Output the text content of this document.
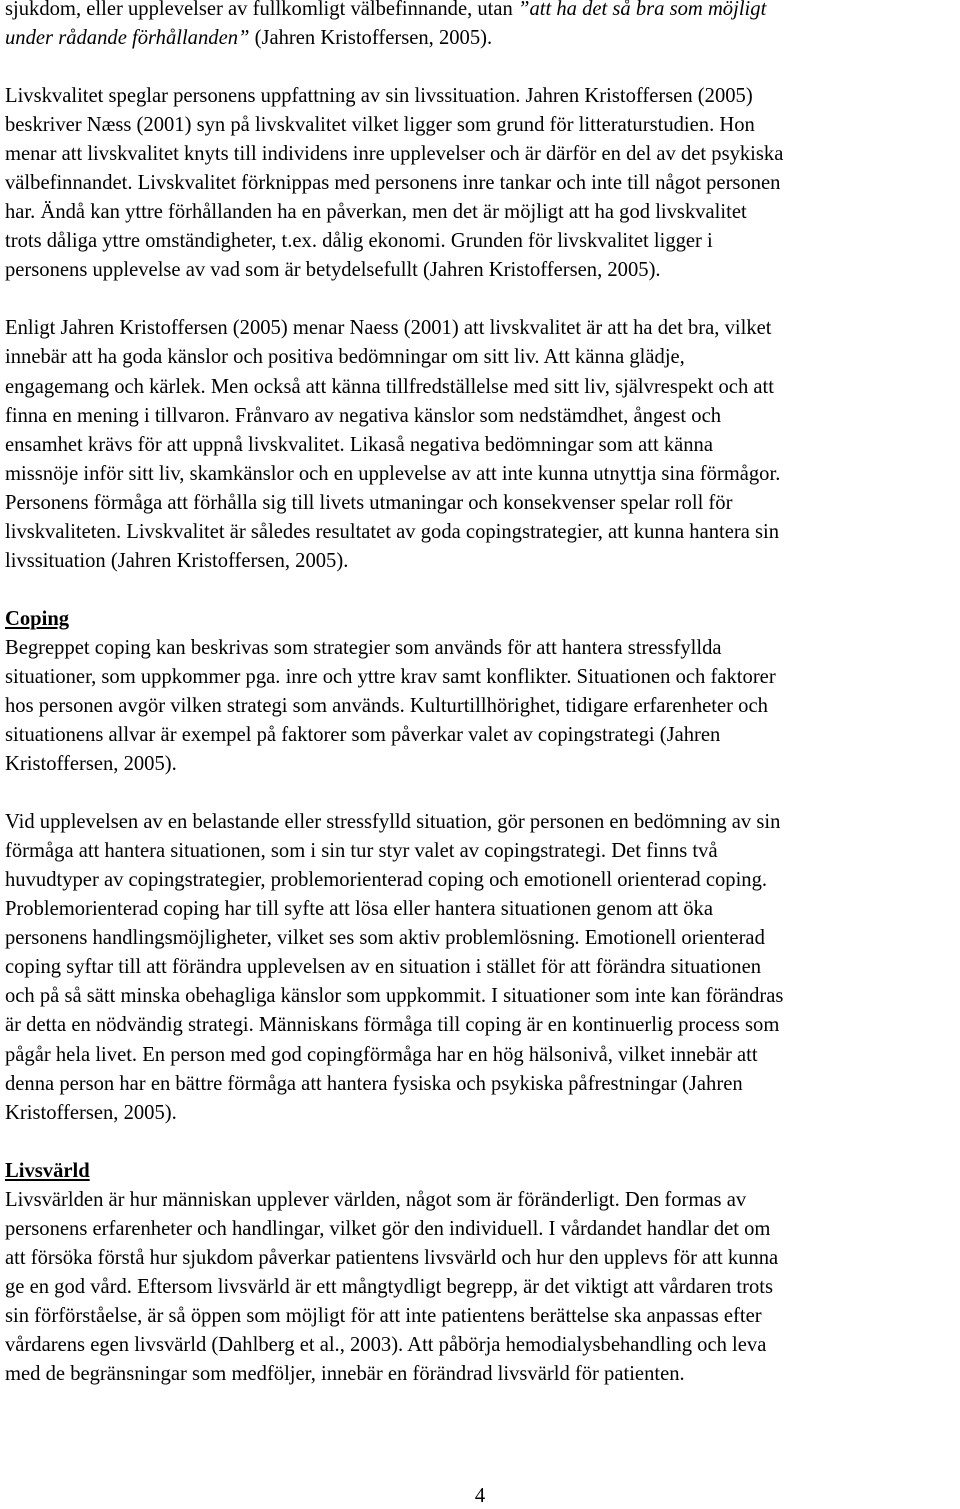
sjukdom, eller upplevelser av fullkomligt välbefinnande, utan ”att ha det så bra som möjligt
under rådande förhållanden” (Jahren Kristoffersen, 2005).

Livskvalitet speglar personens uppfattning av sin livssituation. Jahren Kristoffersen (2005)
beskriver Næss (2001) syn på livskvalitet vilket ligger som grund för litteraturstudien. Hon
menar att livskvalitet knyts till individens inre upplevelser och är därför en del av det psykiska
välbefinnandet. Livskvalitet förknippas med personens inre tankar och inte till något personen
har. Ändå kan yttre förhållanden ha en påverkan, men det är möjligt att ha god livskvalitet
trots dåliga yttre omständigheter, t.ex. dålig ekonomi. Grunden för livskvalitet ligger i
personens upplevelse av vad som är betydelsefullt (Jahren Kristoffersen, 2005).

Enligt Jahren Kristoffersen (2005) menar Naess (2001) att livskvalitet är att ha det bra, vilket
innebär att ha goda känslor och positiva bedömningar om sitt liv. Att känna glädje,
engagemang och kärlek. Men också att känna tillfredställelse med sitt liv, självrespekt och att
finna en mening i tillvaron. Frånvaro av negativa känslor som nedstämdhet, ångest och
ensamhet krävs för att uppnå livskvalitet. Likaså negativa bedömningar som att känna
missnöje inför sitt liv, skamkänslor och en upplevelse av att inte kunna utnyttja sina förmågor.
Personens förmåga att förhålla sig till livets utmaningar och konsekvenser spelar roll för
livskvaliteten. Livskvalitet är således resultatet av goda copingstrategier, att kunna hantera sin
livssituation (Jahren Kristoffersen, 2005).

Coping
Begreppet coping kan beskrivas som strategier som används för att hantera stressfyllda
situationer, som uppkommer pga. inre och yttre krav samt konflikter. Situationen och faktorer
hos personen avgör vilken strategi som används. Kulturtillhörighet, tidigare erfarenheter och
situationens allvar är exempel på faktorer som påverkar valet av copingstrategi (Jahren
Kristoffersen, 2005).

Vid upplevelsen av en belastande eller stressfylld situation, gör personen en bedömning av sin
förmåga att hantera situationen, som i sin tur styr valet av copingstrategi. Det finns två
huvudtyper av copingstrategier, problemorienterad coping och emotionell orienterad coping.
Problemorienterad coping har till syfte att lösa eller hantera situationen genom att öka
personens handlingsmöjligheter, vilket ses som aktiv problemlösning. Emotionell orienterad
coping syftar till att förändra upplevelsen av en situation i stället för att förändra situationen
och på så sätt minska obehagliga känslor som uppkommit. I situationer som inte kan förändras
är detta en nödvändig strategi. Människans förmåga till coping är en kontinuerlig process som
pågår hela livet. En person med god copingförmåga har en hög hälsonivå, vilket innebär att
denna person har en bättre förmåga att hantera fysiska och psykiska påfrestningar (Jahren
Kristoffersen, 2005).

Livsvärld
Livsvärlden är hur människan upplever världen, något som är föränderligt. Den formas av
personens erfarenheter och handlingar, vilket gör den individuell. I vårdandet handlar det om
att försöka förstå hur sjukdom påverkar patientens livsvärld och hur den upplevs för att kunna
ge en god vård. Eftersom livsvärld är ett mångtydligt begrepp, är det viktigt att vårdaren trots
sin förförståelse, är så öppen som möjligt för att inte patientens berättelse ska anpassas efter
vårdarens egen livsvärld (Dahlberg et al., 2003). Att påbörja hemodialysbehandling och leva
med de begränsningar som medföljer, innebär en förändrad livsvärld för patienten.

4
